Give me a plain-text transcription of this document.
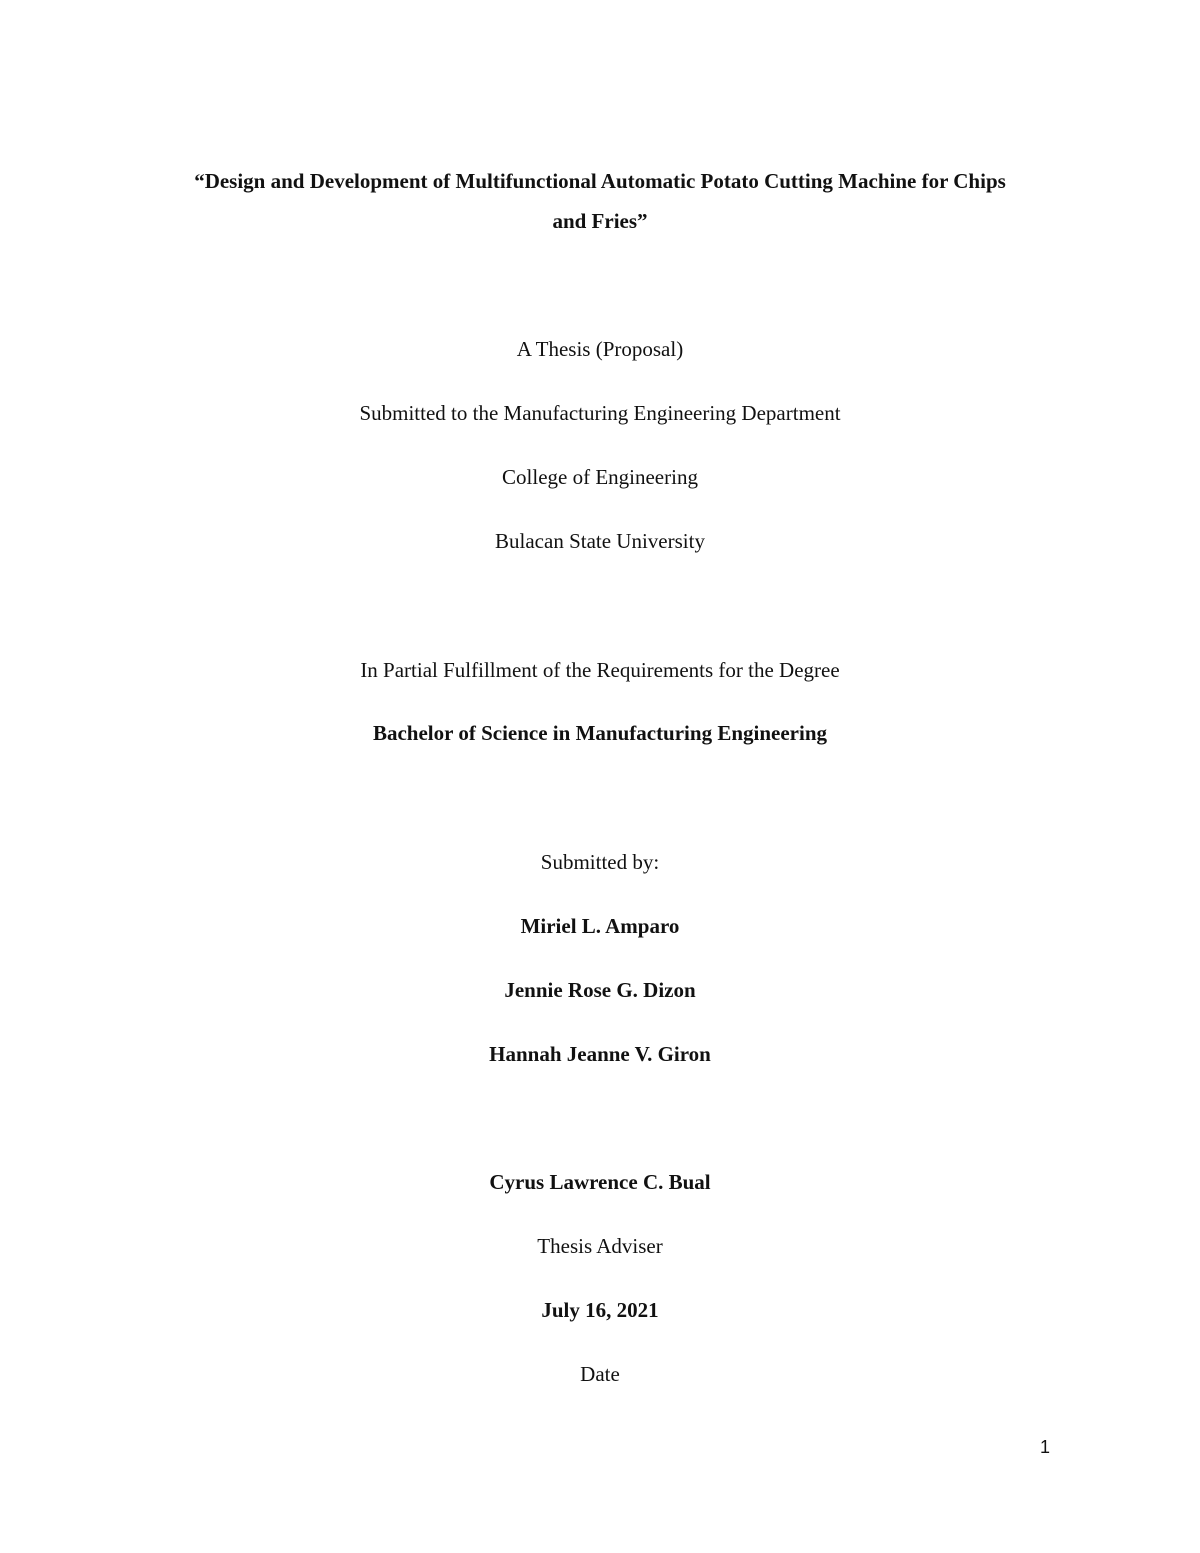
“Design and Development of Multifunctional Automatic Potato Cutting Machine for Chips
and Fries”
A Thesis (Proposal)
Submitted to the Manufacturing Engineering Department
College of Engineering
Bulacan State University
In Partial Fulfillment of the Requirements for the Degree
Bachelor of Science in Manufacturing Engineering
Submitted by:
Miriel L. Amparo
Jennie Rose G. Dizon
Hannah Jeanne V. Giron
Cyrus Lawrence C. Bual
Thesis Adviser
July 16, 2021
Date
1
